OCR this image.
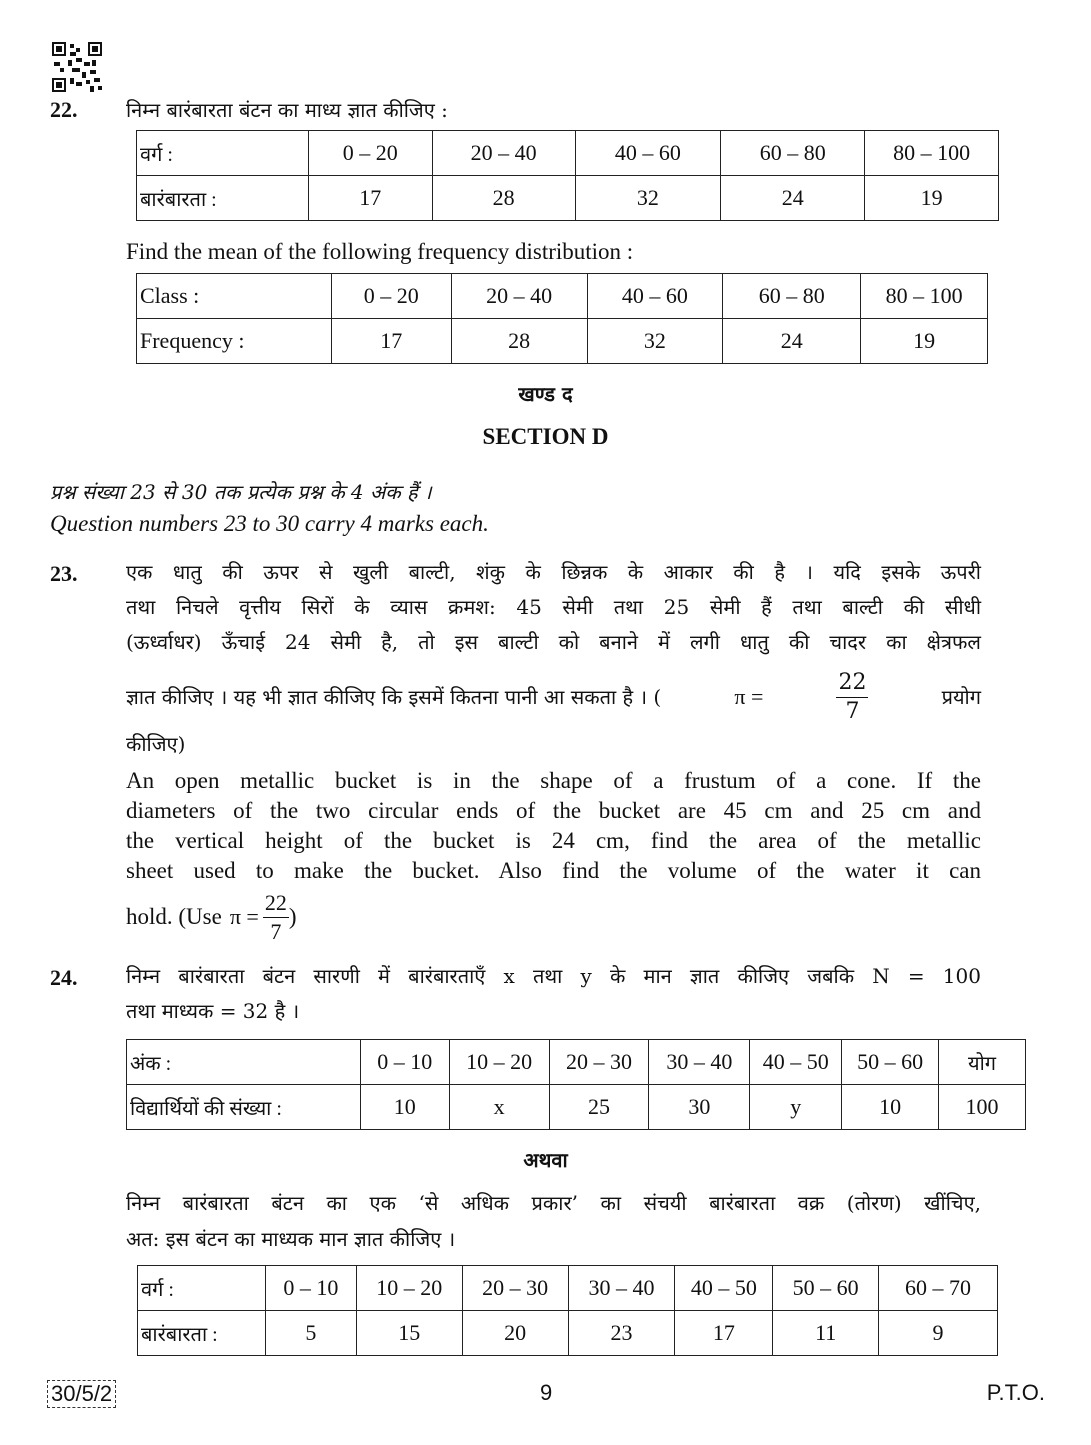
22. निम्न बारंबारता बंटन का माध्य ज्ञात कीजिए :
वर्ग :	0 – 20	20 – 40	40 – 60	60 – 80	80 – 100
बारंबारता :	17	28	32	24	19
Find the mean of the following frequency distribution :
Class :	0 – 20	20 – 40	40 – 60	60 – 80	80 – 100
Frequency :	17	28	32	24	19
खण्ड द
SECTION D
प्रश्न संख्या 23 से 30 तक प्रत्येक प्रश्न के 4 अंक हैं ।
Question numbers 23 to 30 carry 4 marks each.
23. एक धातु की ऊपर से खुली बाल्टी, शंकु के छिन्नक के आकार की है । यदि इसके ऊपरी
तथा निचले वृत्तीय सिरों के व्यास क्रमश: 45 सेमी तथा 25 सेमी हैं तथा बाल्टी की सीधी
(ऊर्ध्वाधर) ऊँचाई 24 सेमी है, तो इस बाल्टी को बनाने में लगी धातु की चादर का क्षेत्रफल
ज्ञात कीजिए । यह भी ज्ञात कीजिए कि इसमें कितना पानी आ सकता है । (	π =	$\frac{22}{7}$	प्रयोग
कीजिए)
An open metallic bucket is in the shape of a frustum of a cone. If the
diameters of the two circular ends of the bucket are 45 cm and 25 cm and
the vertical height of the bucket is 24 cm, find the area of the metallic
sheet used to make the bucket. Also find the volume of the water it can
hold. (Use $\pi = \frac{22}{7}$ )
24. निम्न बारंबारता बंटन सारणी में बारंबारताएँ x तथा y के मान ज्ञात कीजिए जबकि N = 100
तथा माध्यक = 32 है ।
अंक :	0 – 10	10 – 20	20 – 30	30 – 40	40 – 50	50 – 60	योग
विद्यार्थियों की संख्या :	10	x	25	30	y	10	100
अथवा
निम्न बारंबारता बंटन का एक ‘से अधिक प्रकार’ का संचयी बारंबारता वक्र (तोरण) खींचिए,
अत: इस बंटन का माध्यक मान ज्ञात कीजिए ।
वर्ग :	0 – 10	10 – 20	20 – 30	30 – 40	40 – 50	50 – 60	60 – 70
बारंबारता :	5	15	20	23	17	11	9
30/5/2	9	P.T.O.
